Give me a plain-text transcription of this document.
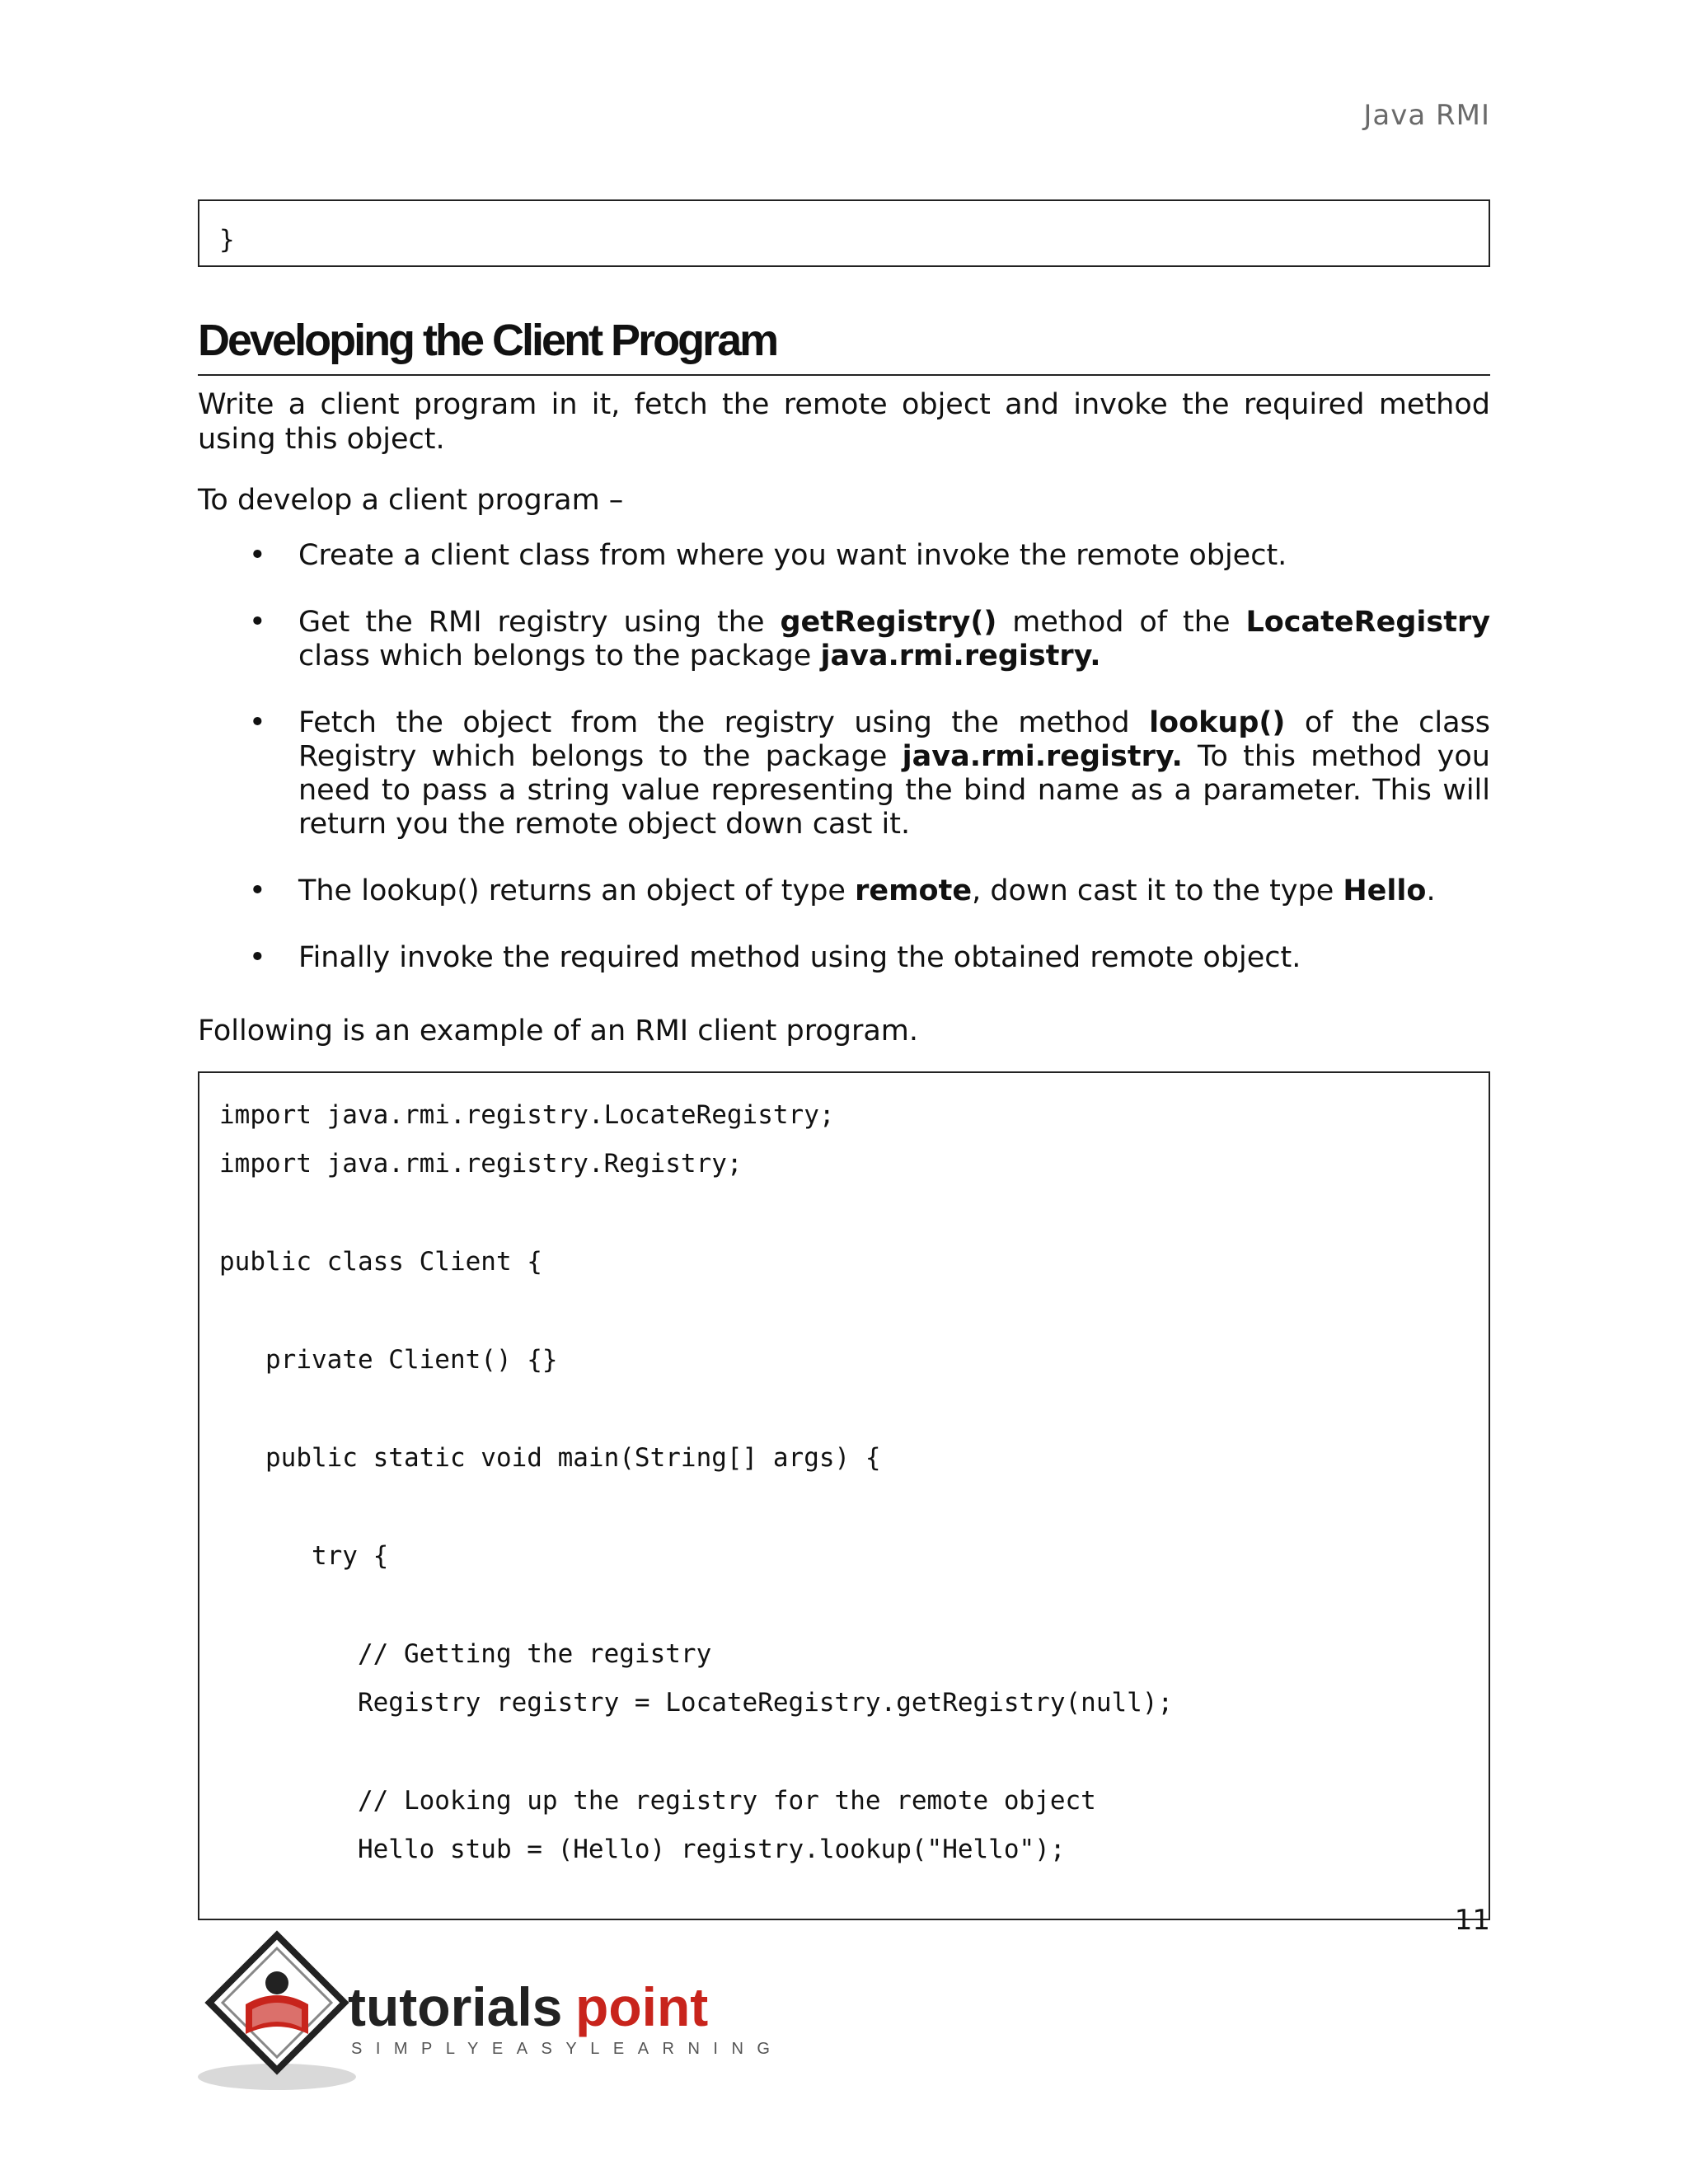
Java RMI
}
Developing the Client Program
Write a client program in it, fetch the remote object and invoke the required method using this object.
To develop a client program –
• Create a client class from where you want invoke the remote object.
• Get the RMI registry using the getRegistry() method of the LocateRegistry class which belongs to the package java.rmi.registry.
• Fetch the object from the registry using the method lookup() of the class Registry which belongs to the package java.rmi.registry. To this method you need to pass a string value representing the bind name as a parameter. This will return you the remote object down cast it.
• The lookup() returns an object of type remote, down cast it to the type Hello.
• Finally invoke the required method using the obtained remote object.
Following is an example of an RMI client program.
import java.rmi.registry.LocateRegistry;
import java.rmi.registry.Registry;
public class Client {
private Client() {}
public static void main(String[] args) {
try {
// Getting the registry
Registry registry = LocateRegistry.getRegistry(null);
// Looking up the registry for the remote object
Hello stub = (Hello) registry.lookup("Hello");
11
tutorials point
SIMPLYEASYLEARNING
